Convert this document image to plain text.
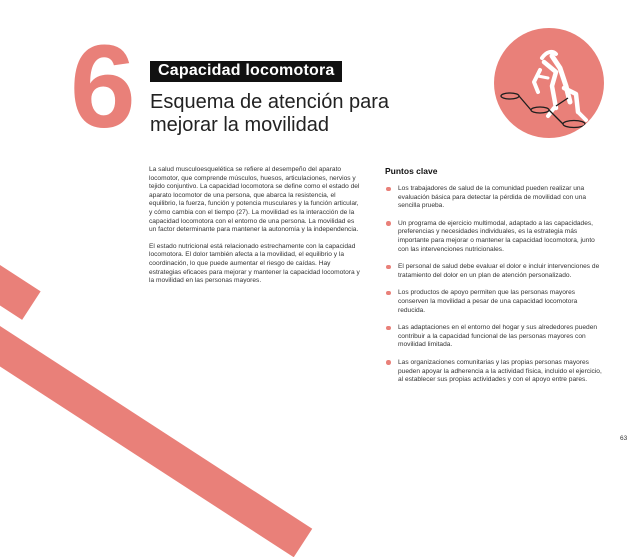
6	Capacidad locomotora
Esquema de atención para mejorar la movilidad

La salud musculoesquelética se refiere al desempeño del aparato locomotor, que comprende músculos, huesos, articulaciones, nervios y tejido conjuntivo. La capacidad locomotora se define como el estado del aparato locomotor de una persona, que abarca la resistencia, el equilibrio, la fuerza, función y potencia musculares y la función articular, y cómo cambia con el tiempo (27). La movilidad es la interacción de la capacidad locomotora con el entorno de una persona. La movilidad es un factor determinante para mantener la autonomía y la independencia.

El estado nutricional está relacionado estrechamente con la capacidad locomotora. El dolor también afecta a la movilidad, el equilibrio y la coordinación, lo que puede aumentar el riesgo de caídas. Hay estrategias eficaces para mejorar y mantener la capacidad locomotora y la movilidad en las personas mayores.

Puntos clave
Los trabajadores de salud de la comunidad pueden realizar una evaluación básica para detectar la pérdida de movilidad con una sencilla prueba.
Un programa de ejercicio multimodal, adaptado a las capacidades, preferencias y necesidades individuales, es la estrategia más importante para mejorar o mantener la capacidad locomotora, junto con las intervenciones nutricionales.
El personal de salud debe evaluar el dolor e incluir intervenciones de tratamiento del dolor en un plan de atención personalizado.
Los productos de apoyo permiten que las personas mayores conserven la movilidad a pesar de una capacidad locomotora reducida.
Las adaptaciones en el entorno del hogar y sus alrededores pueden contribuir a la capacidad funcional de las personas mayores con movilidad limitada.
Las organizaciones comunitarias y las propias personas mayores pueden apoyar la adherencia a la actividad física, incluido el ejercicio, al establecer sus propias actividades y con el apoyo entre pares.
63
